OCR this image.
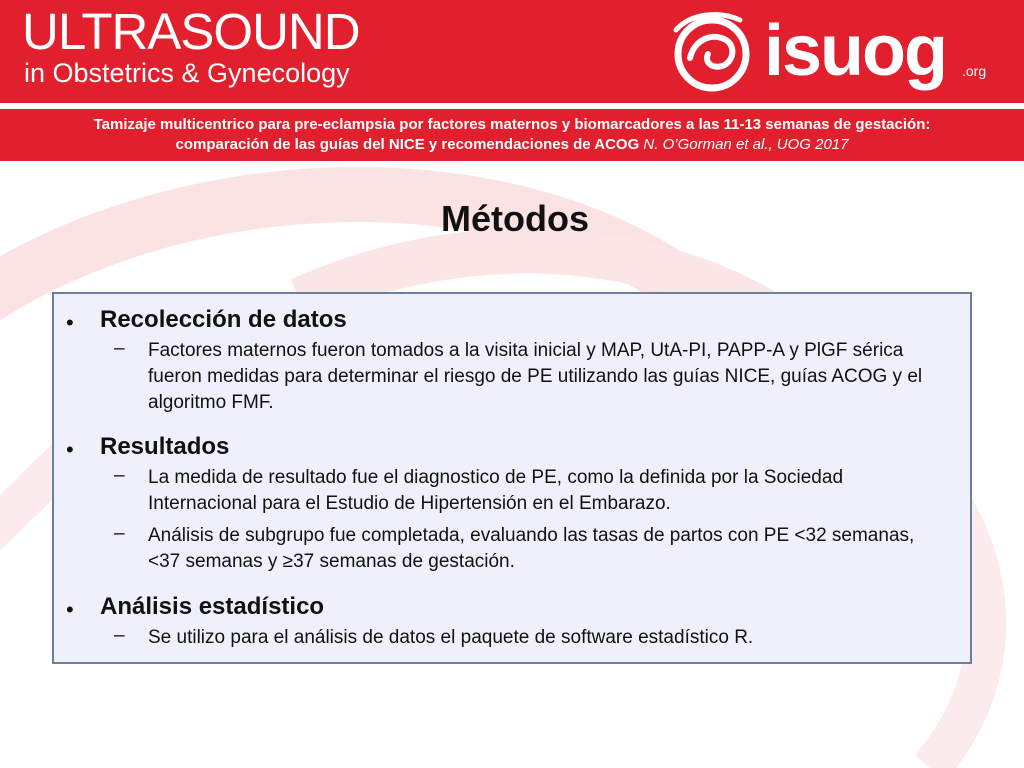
ULTRASOUND
in Obstetrics & Gynecology	isuog .org
Tamizaje multicentrico para pre-eclampsia por factores maternos y biomarcadores a las 11-13 semanas de gestación:
comparación de las guías del NICE y recomendaciones de ACOG N. O’Gorman et al., UOG 2017
Métodos
• Recolección de datos
– Factores maternos fueron tomados a la visita inicial y MAP, UtA-PI, PAPP-A y PlGF sérica fueron medidas para determinar el riesgo de PE utilizando las guías NICE, guías ACOG y el algoritmo FMF.
• Resultados
– La medida de resultado fue el diagnostico de PE, como la definida por la Sociedad Internacional para el Estudio de Hipertensión en el Embarazo.
– Análisis de subgrupo fue completada, evaluando las tasas de partos con PE <32 semanas, <37 semanas y ≥37 semanas de gestación.
• Análisis estadístico
– Se utilizo para el análisis de datos el paquete de software estadístico R.
